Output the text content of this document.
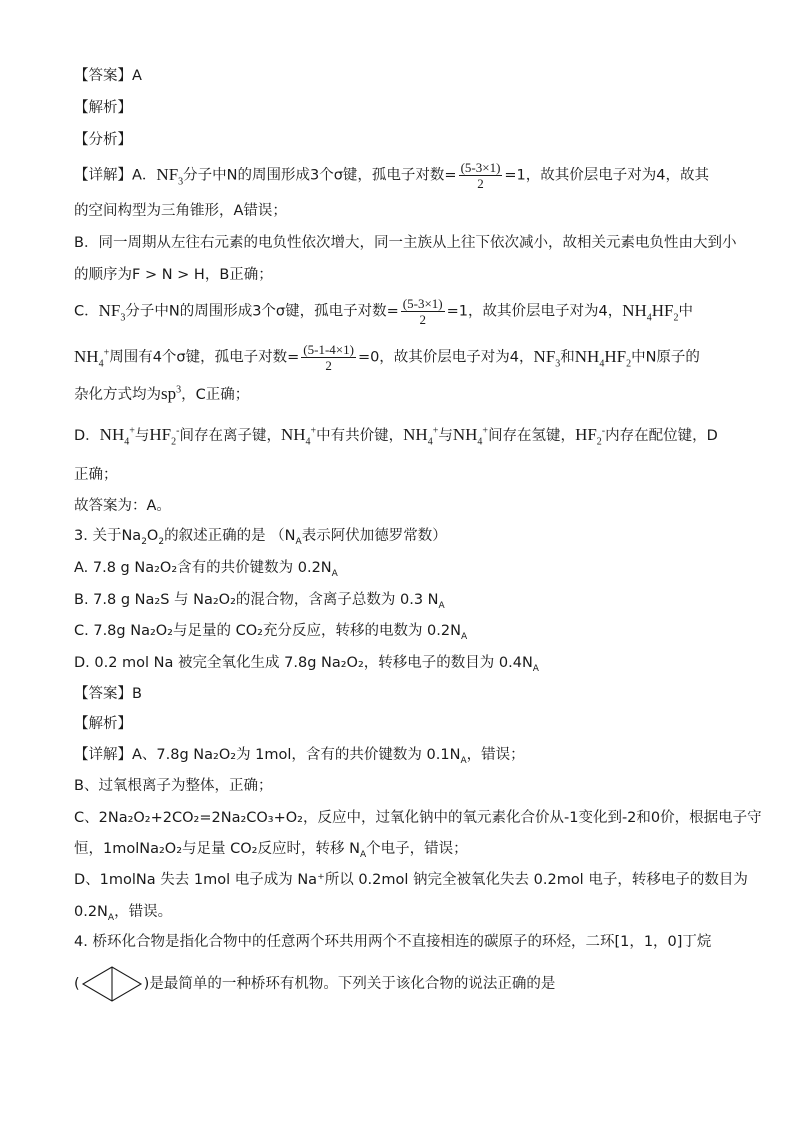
【答案】A
【解析】
【分析】
【详解】A．$NF_3$分子中N的周围形成3个σ键，孤电子对数= $\frac{(5-3\times 1)}{2} =1$，故其价层电子对为4，故其
的空间构型为三角锥形，A错误；
B．同一周期从左往右元素的电负性依次增大，同一主族从上往下依次减小，故相关元素电负性由大到小
的顺序为F > N > H，B正确；
C．$NF_3$分子中N的周围形成3个σ键，孤电子对数= $\frac{(5-3\times 1)}{2} =1$，故其价层电子对为4，$NH_4HF_2$中
$NH_4^+$周围有4个σ键，孤电子对数= $\frac{(5-1-4\times 1)}{2} =0$，故其价层电子对为4，$NF_3$和$NH_4HF_2$中N原子的
杂化方式均为$sp^3$，C正确；
D．$NH_4^+$与$HF_2^-$间存在离子键，$NH_4^+$中有共价键，$NH_4^+$与$NH_4^+$间存在氢键，$HF_2^-$内存在配位键，D
正确；
故答案为：A。
3. 关于$Na_2O_2$的叙述正确的是 （$N_A$表示阿伏加德罗常数）
A. 7.8 g Na₂O₂含有的共价键数为 $0.2N_A$
B. 7.8 g Na₂S 与 Na₂O₂的混合物，含离子总数为 0.3 $N_A$
C. 7.8g Na₂O₂与足量的 CO₂充分反应，转移的电数为 $0.2N_A$
D. 0.2 mol Na 被完全氧化生成 7.8g Na₂O₂，转移电子的数目为 $0.4N_A$
【答案】B
【解析】
【详解】A、7.8g Na₂O₂为 1mol，含有的共价键数为 $0.1N_A$，错误；
B、过氧根离子为整体，正确；
C、2Na₂O₂+2CO₂=2Na₂CO₃+O₂，反应中，过氧化钠中的氧元素化合价从-1变化到-2和0价，根据电子守
恒，1molNa₂O₂与足量 CO₂反应时，转移 $N_A$个电子，错误；
D、1molNa 失去 1mol 电子成为 Na⁺所以 0.2mol 钠完全被氧化失去 0.2mol 电子，转移电子的数目为
$0.2N_A$，错误。
4. 桥环化合物是指化合物中的任意两个环共用两个不直接相连的碳原子的环烃，二环[1，1，0]丁烷
(	)是最简单的一种桥环有机物。下列关于该化合物的说法正确的是
